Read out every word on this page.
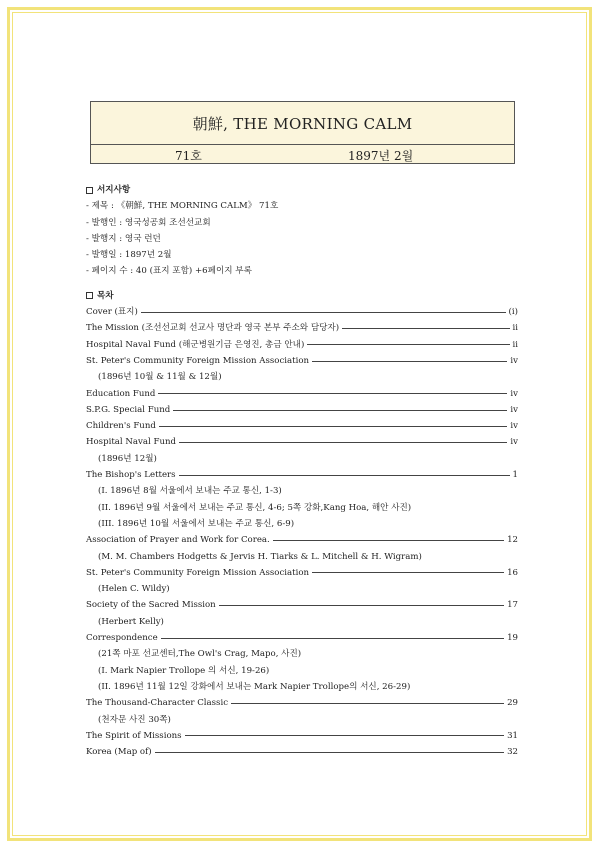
朝鮮, THE MORNING CALM
71호	1897년 2월
서지사항
- 제목 : 《朝鮮, THE MORNING CALM》 71호
- 발행인 : 영국성공회 조선선교회
- 발행지 : 영국 런던
- 발행일 : 1897년 2월
- 페이지 수 : 40 (표지 포함) +6페이지 부록
목차
Cover (표지)	(i)
The Mission (조선선교회 선교사 명단과 영국 본부 주소와 담당자)	ii
Hospital Naval Fund (해군병원기금 은영진, 총금 안내)	ii
St. Peter's Community Foreign Mission Association	iv
(1896년 10월 & 11월 & 12월)
Education Fund	iv
S.P.G. Special Fund	iv
Children's Fund	iv
Hospital Naval Fund	iv
(1896년 12월)
The Bishop's Letters	1
(I. 1896년 8월 서울에서 보내는 주교 통신, 1-3)
(II. 1896년 9월 서울에서 보내는 주교 통신, 4-6; 5쪽 강화,Kang Hoa, 해안 사진)
(III. 1896년 10월 서울에서 보내는 주교 통신, 6-9)
Association of Prayer and Work for Corea.	12
(M. M. Chambers Hodgetts & Jervis H. Tiarks & L. Mitchell & H. Wigram)
St. Peter's Community Foreign Mission Association	16
(Helen C. Wildy)
Society of the Sacred Mission	17
(Herbert Kelly)
Correspondence	19
(21쪽 마포 선교센터,The Owl's Crag, Mapo, 사진)
(I. Mark Napier Trollope 의 서신, 19-26)
(II. 1896년 11월 12일 강화에서 보내는 Mark Napier Trollope의 서신, 26-29)
The Thousand-Character Classic	29
(천자문 사진 30쪽)
The Spirit of Missions	31
Korea (Map of)	32
